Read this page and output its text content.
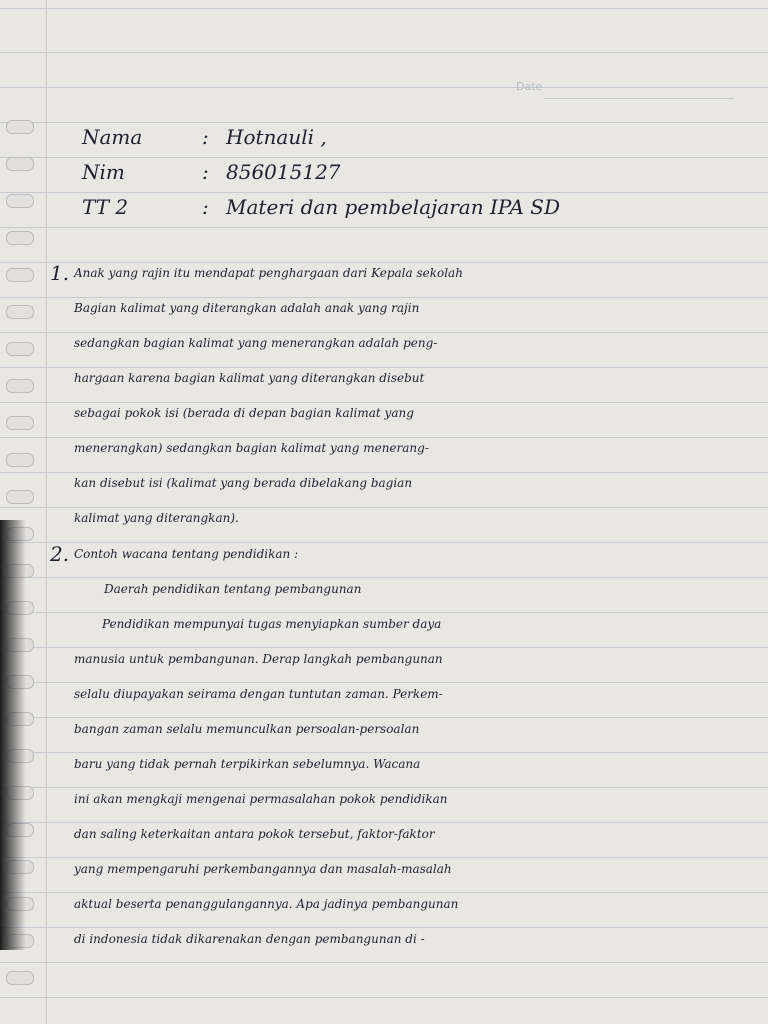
Date
Nama	: Hotnauli ,
Nim	: 856015127
TT 2	: Materi dan pembelajaran IPA SD
1. Anak yang rajin itu mendapat penghargaan dari Kepala sekolah
Bagian kalimat yang diterangkan adalah anak yang rajin
sedangkan bagian kalimat yang menerangkan adalah peng-
hargaan karena bagian kalimat yang diterangkan disebut
sebagai pokok isi (berada di depan bagian kalimat yang
menerangkan) sedangkan bagian kalimat yang menerang-
kan disebut isi (kalimat yang berada dibelakang bagian
kalimat yang diterangkan).
2. Contoh wacana tentang pendidikan :
Daerah pendidikan tentang pembangunan
Pendidikan mempunyai tugas menyiapkan sumber daya
manusia untuk pembangunan. Derap langkah pembangunan
selalu diupayakan seirama dengan tuntutan zaman. Perkem-
bangan zaman selalu memunculkan persoalan-persoalan
baru yang tidak pernah terpikirkan sebelumnya. Wacana
ini akan mengkaji mengenai permasalahan pokok pendidikan
dan saling keterkaitan antara pokok tersebut, faktor-faktor
yang mempengaruhi perkembangannya dan masalah-masalah
aktual beserta penanggulangannya. Apa jadinya pembangunan
di indonesia tidak dikarenakan dengan pembangunan di -
